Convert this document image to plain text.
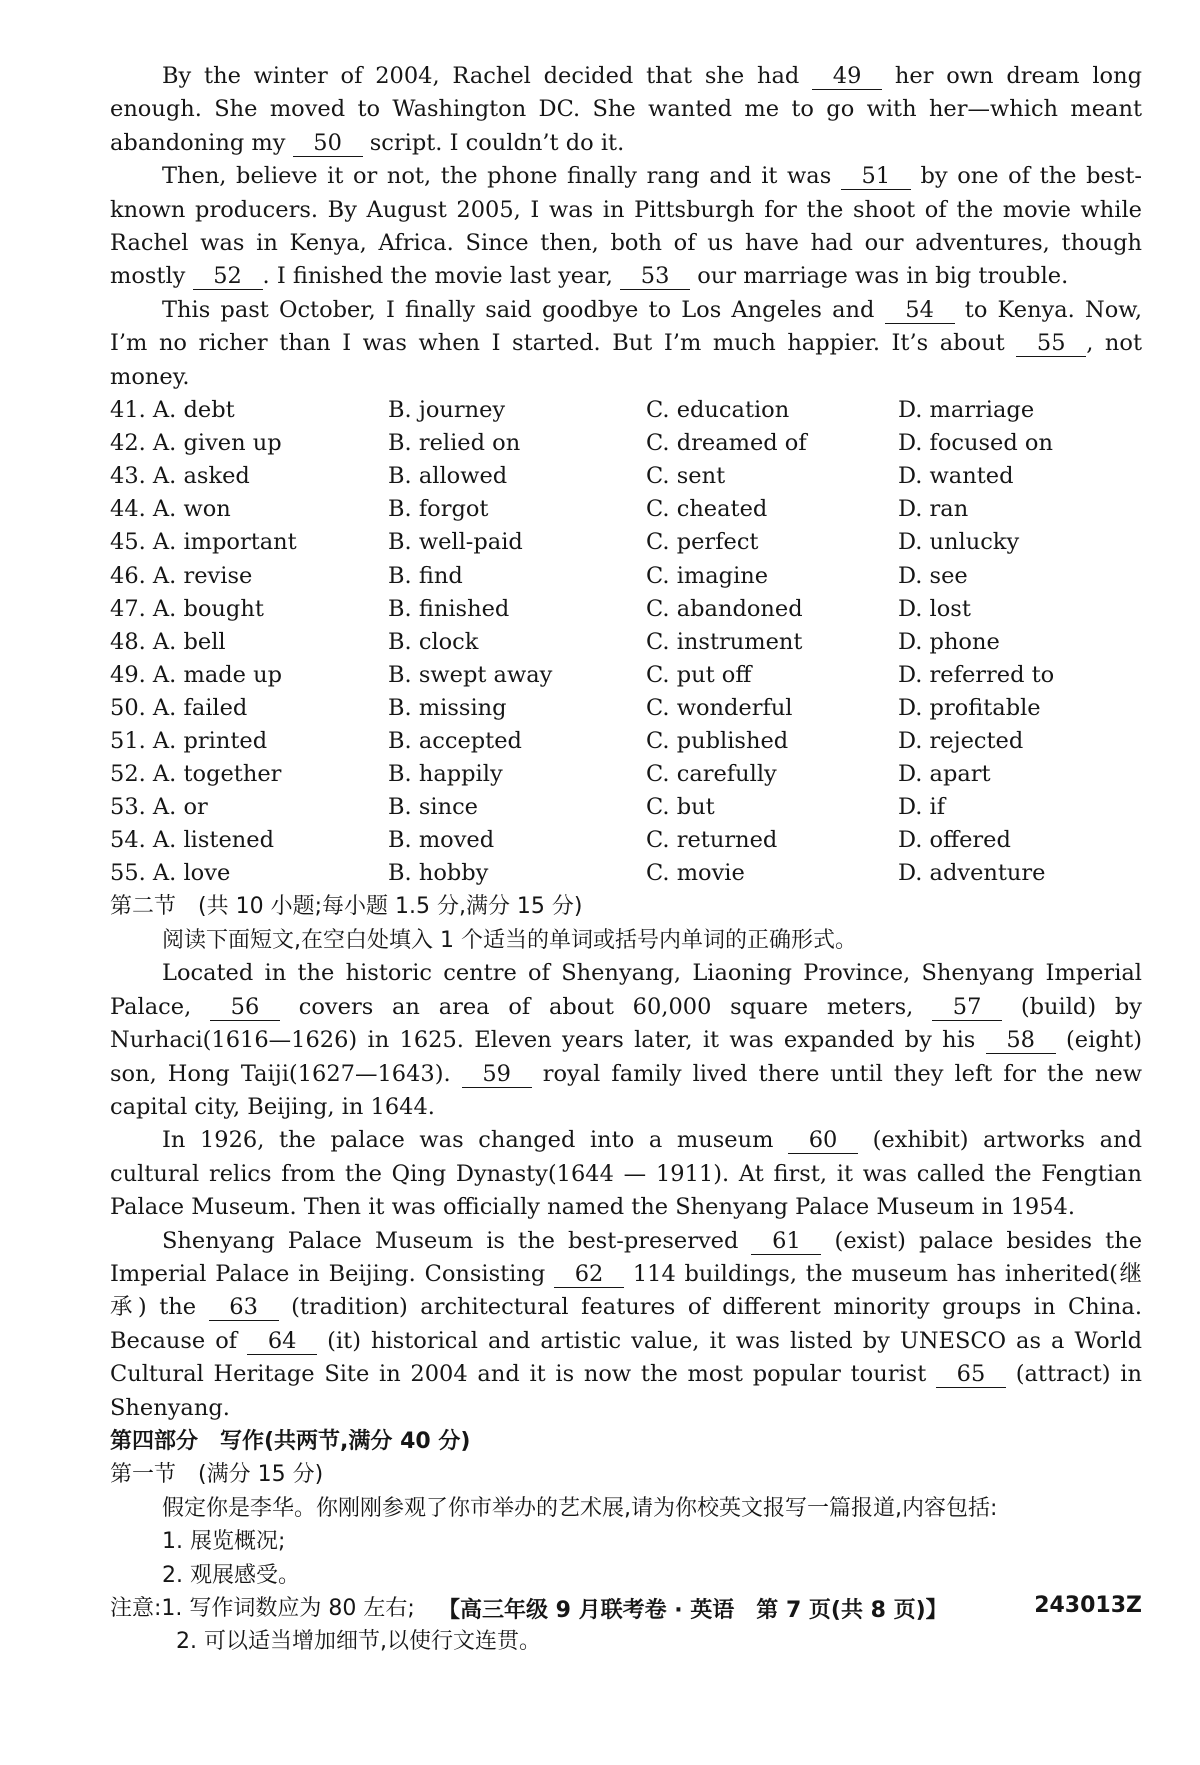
By the winter of 2004, Rachel decided that she had 49 her own dream long enough. She moved to Washington DC. She wanted me to go with her—which meant abandoning my 50 script. I couldn’t do it.

Then, believe it or not, the phone finally rang and it was 51 by one of the best-known producers. By August 2005, I was in Pittsburgh for the shoot of the movie while Rachel was in Kenya, Africa. Since then, both of us have had our adventures, though mostly 52 . I finished the movie last year, 53 our marriage was in big trouble.

This past October, I finally said goodbye to Los Angeles and 54 to Kenya. Now, I’m no richer than I was when I started. But I’m much happier. It’s about 55 , not money.

41. A. debt	B. journey	C. education	D. marriage
42. A. given up	B. relied on	C. dreamed of	D. focused on
43. A. asked	B. allowed	C. sent	D. wanted
44. A. won	B. forgot	C. cheated	D. ran
45. A. important	B. well-paid	C. perfect	D. unlucky
46. A. revise	B. find	C. imagine	D. see
47. A. bought	B. finished	C. abandoned	D. lost
48. A. bell	B. clock	C. instrument	D. phone
49. A. made up	B. swept away	C. put off	D. referred to
50. A. failed	B. missing	C. wonderful	D. profitable
51. A. printed	B. accepted	C. published	D. rejected
52. A. together	B. happily	C. carefully	D. apart
53. A. or	B. since	C. but	D. if
54. A. listened	B. moved	C. returned	D. offered
55. A. love	B. hobby	C. movie	D. adventure

第二节　(共 10 小题;每小题 1.5 分,满分 15 分)

阅读下面短文,在空白处填入 1 个适当的单词或括号内单词的正确形式。

Located in the historic centre of Shenyang, Liaoning Province, Shenyang Imperial Palace, 56 covers an area of about 60,000 square meters, 57 (build) by Nurhaci(1616—1626) in 1625. Eleven years later, it was expanded by his 58 (eight) son, Hong Taiji(1627—1643). 59 royal family lived there until they left for the new capital city, Beijing, in 1644.

In 1926, the palace was changed into a museum 60 (exhibit) artworks and cultural relics from the Qing Dynasty(1644 — 1911). At first, it was called the Fengtian Palace Museum. Then it was officially named the Shenyang Palace Museum in 1954.

Shenyang Palace Museum is the best-preserved 61 (exist) palace besides the Imperial Palace in Beijing. Consisting 62 114 buildings, the museum has inherited(继承) the 63 (tradition) architectural features of different minority groups in China. Because of 64 (it) historical and artistic value, it was listed by UNESCO as a World Cultural Heritage Site in 2004 and it is now the most popular tourist 65 (attract) in Shenyang.

第四部分　写作(共两节,满分 40 分)

第一节　(满分 15 分)

假定你是李华。你刚刚参观了你市举办的艺术展,请为你校英文报写一篇报道,内容包括:

1. 展览概况;

2. 观展感受。

注意:1. 写作词数应为 80 左右;

2. 可以适当增加细节,以使行文连贯。

【高三年级 9 月联考卷 · 英语　第 7 页(共 8 页)】	243013Z
